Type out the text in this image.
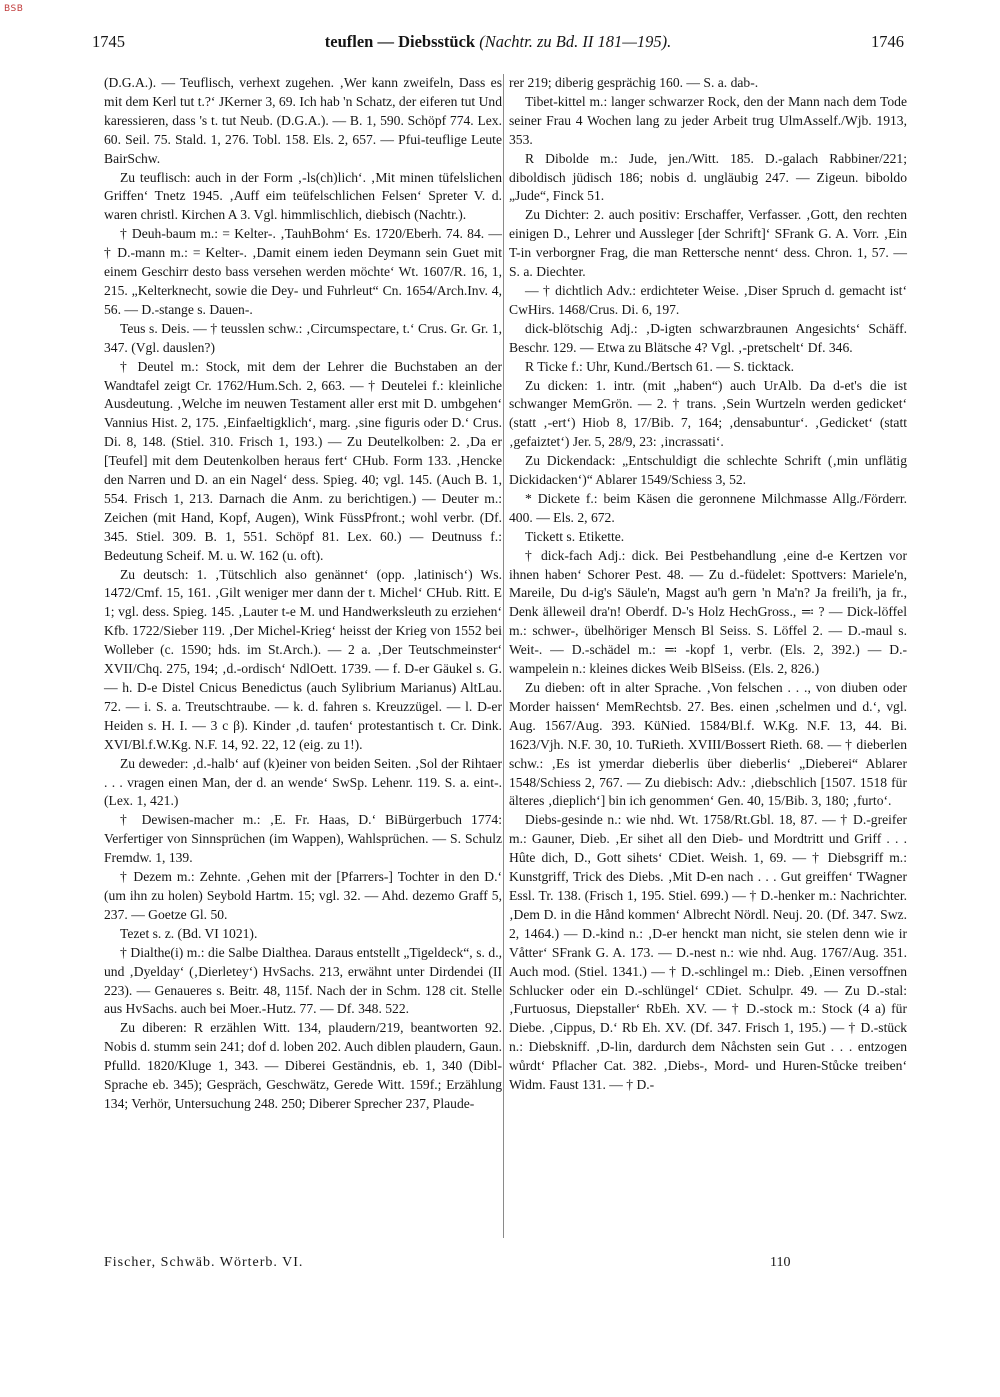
BSB
1745	teuflen — Diebsstück (Nachtr. zu Bd. II 181—195).	1746

(D.G.A.). — Teuflisch, verhext zugehen. ‚Wer kann zweifeln, Dass es mit dem Kerl tut t.?‘ JKerner 3, 69. Ich hab 'n Schatz, der eiferen tut Und karessieren, dass 's t. tut Neub. (D.G.A.). — B. 1, 590. Schöpf 774. Lex. 60. Seil. 75. Stald. 1, 276. Tobl. 158. Els. 2, 657. — Pfui-teuflige Leute BairSchw.

Zu teuflisch: auch in der Form ‚-ls(ch)lich‘. ‚Mit minen tüfelslichen Griffen‘ Tnetz 1945. ‚Auff eim teüfelschlichen Felsen‘ Spreter V. d. waren christl. Kirchen A 3. Vgl. himmlischlich, diebisch (Nachtr.).

† Deuh-baum m.: = Kelter-. ‚TauhBohm‘ Es. 1720/Eberh. 74. 84. — † D.-mann m.: = Kelter-. ‚Damit einem ieden Deymann sein Guet mit einem Geschirr desto bass versehen werden möchte‘ Wt. 1607/R. 16, 1, 215. „Kelterknecht, sowie die Dey- und Fuhrleut“ Cn. 1654/Arch.Inv. 4, 56. — D.-stange s. Dauen-.

Teus s. Deis. — † teusslen schw.: ‚Circumspectare, t.‘ Crus. Gr. Gr. 1, 347. (Vgl. dauslen?)

† Deutel m.: Stock, mit dem der Lehrer die Buchstaben an der Wandtafel zeigt Cr. 1762/Hum.Sch. 2, 663. — † Deutelei f.: kleinliche Ausdeutung. ‚Welche im neuwen Testament aller erst mit D. umbgehen‘ Vannius Hist. 2, 175. ‚Einfaeltigklich‘, marg. ‚sine figuris oder D.‘ Crus. Di. 8, 148. (Stiel. 310. Frisch 1, 193.) — Zu Deutelkolben: 2. ‚Da er [Teufel] mit dem Deutenkolben heraus fert‘ CHub. Form 133. ‚Hencke den Narren und D. an ein Nagel‘ dess. Spieg. 40; vgl. 145. (Auch B. 1, 554. Frisch 1, 213. Darnach die Anm. zu berichtigen.) — Deuter m.: Zeichen (mit Hand, Kopf, Augen), Wink FüssPfront.; wohl verbr. (Df. 345. Stiel. 309. B. 1, 551. Schöpf 81. Lex. 60.) — Deutnuss f.: Bedeutung Scheif. M. u. W. 162 (u. oft).

Zu deutsch: 1. ‚Tütschlich also genännet‘ (opp. ‚latinisch‘) Ws. 1472/Cmf. 15, 161. ‚Gilt weniger mer dann der t. Michel‘ CHub. Ritt. E 1; vgl. dess. Spieg. 145. ‚Lauter t-e M. und Handwerksleuth zu erziehen‘ Kfb. 1722/Sieber 119. ‚Der Michel-Krieg‘ heisst der Krieg von 1552 bei Wolleber (c. 1590; hds. im St.Arch.). — 2 a. ‚Der Teutschmeinster‘ XVII/Chq. 275, 194; ‚d.-ordisch‘ NdlOett. 1739. — f. D-er Gäukel s. G. — h. D-e Distel Cnicus Benedictus (auch Sylibrium Marianus) AltLau. 72. — i. S. a. Treutschtraube. — k. d. fahren s. Kreuzzügel. — l. D-er Heiden s. H. I. — 3 c β). Kinder ‚d. taufen‘ protestantisch t. Cr. Dink. XVI/Bl.f.W.Kg. N.F. 14, 92. 22, 12 (eig. zu 1!).

Zu deweder: ‚d.-halb‘ auf (k)einer von beiden Seiten. ‚Sol der Rihtaer . . . vragen einen Man, der d. an wende‘ SwSp. Lehenr. 119. S. a. eint-. (Lex. 1, 421.)

† Dewisen-macher m.: ‚E. Fr. Haas, D.‘ BiBürgerbuch 1774: Verfertiger von Sinnsprüchen (im Wappen), Wahlsprüchen. — S. Schulz Fremdw. 1, 139.

† Dezem m.: Zehnte. ‚Gehen mit der [Pfarrers-] Tochter in den D.‘ (um ihn zu holen) Seybold Hartm. 15; vgl. 32. — Ahd. dezemo Graff 5, 237. — Goetze Gl. 50.

Tezet s. z. (Bd. VI 1021).

† Dialthe(i) m.: die Salbe Dialthea. Daraus entstellt „Tigeldeck“, s. d., und ‚Dyelday‘ (‚Dierletey‘) HvSachs. 213, erwähnt unter Dirdendei (II 223). — Genaueres s. Beitr. 48, 115f. Nach der in Schm. 128 cit. Stelle aus HvSachs. auch bei Moer.-Hutz. 77. — Df. 348. 522.

Zu diberen: R erzählen Witt. 134, plaudern/219, beantworten 92. Nobis d. stumm sein 241; dof d. loben 202. Auch diblen plaudern, Gaun. Pfulld. 1820/Kluge 1, 343. — Diberei Geständnis, eb. 1, 340 (Dibl- Sprache eb. 345); Gespräch, Geschwätz, Gerede Witt. 159f.; Erzählung 134; Verhör, Untersuchung 248. 250; Diberer Sprecher 237, Plaude-

rer 219; diberig gesprächig 160. — S. a. dab-.

Tibet-kittel m.: langer schwarzer Rock, den der Mann nach dem Tode seiner Frau 4 Wochen lang zu jeder Arbeit trug UlmAsself./Wjb. 1913, 353.

R Dibolde m.: Jude, jen./Witt. 185. D.-galach Rabbiner/221; diboldisch jüdisch 186; nobis d. ungläubig 247. — Zigeun. biboldo „Jude“, Finck 51.

Zu Dichter: 2. auch positiv: Erschaffer, Verfasser. ‚Gott, den rechten einigen D., Lehrer und Aussleger [der Schrift]‘ SFrank G. A. Vorr. ‚Ein T-in verborgner Frag, die man Rettersche nennt‘ dess. Chron. 1, 57. — S. a. Diechter.

— † dichtlich Adv.: erdichteter Weise. ‚Diser Spruch d. gemacht ist‘ CwHirs. 1468/Crus. Di. 6, 197.

dick-blötschig Adj.: ‚D-igten schwarzbraunen Angesichts‘ Schäff. Beschr. 129. — Etwa zu Blätsche 4? Vgl. ‚-pretschelt‘ Df. 346.

R Ticke f.: Uhr, Kund./Bertsch 61. — S. ticktack.

Zu dicken: 1. intr. (mit „haben“) auch UrAlb. Da d-et's die ist schwanger MemGrön. — 2. † trans. ‚Sein Wurtzeln werden gedicket‘ (statt ‚-ert‘) Hiob 8, 17/Bib. 7, 164; ‚densabuntur‘. ‚Gedicket‘ (statt ‚gefaiztet‘) Jer. 5, 28/9, 23: ‚incrassati‘.

Zu Dickendack: „Entschuldigt die schlechte Schrift (‚min unflätig Dickidacken‘)“ Ablarer 1549/Schiess 3, 52.

* Dickete f.: beim Käsen die geronnene Milchmasse Allg./Förderr. 400. — Els. 2, 672.

Tickett s. Etikette.

† dick-fach Adj.: dick. Bei Pestbehandlung ‚eine d-e Kertzen vor ihnen haben‘ Schorer Pest. 48. — Zu d.-füdelet: Spottvers: Mariele'n, Mareile, Du d-ig's Säule'n, Magst au'h gern 'n Ma'n? Ja freili'h, ja fr., Denk älleweil dra'n! Oberdf. D-'s Holz HechGross., ≕ ? — Dick-löffel m.: schwer-, übelhöriger Mensch Bl Seiss. S. Löffel 2. — D.-maul s. Weit-. — D.-schädel m.: ≕ -kopf 1, verbr. (Els. 2, 392.) — D.-wampelein n.: kleines dickes Weib BlSeiss. (Els. 2, 826.)

Zu dieben: oft in alter Sprache. ‚Von felschen . . ., von diuben oder Morder haissen‘ MemRechtsb. 27. Bes. einen ‚schelmen und d.‘, vgl. Aug. 1567/Aug. 393. KüNied. 1584/Bl.f. W.Kg. N.F. 13, 44. Bi. 1623/Vjh. N.F. 30, 10. TuRieth. XVIII/Bossert Rieth. 68. — † dieberlen schw.: ‚Es ist ymerdar dieberlis über dieberlis‘ „Dieberei“ Ablarer 1548/Schiess 2, 767. — Zu diebisch: Adv.: ‚diebschlich [1507. 1518 für älteres ‚dieplich‘] bin ich genommen‘ Gen. 40, 15/Bib. 3, 180; ‚furto‘.

Diebs-gesinde n.: wie nhd. Wt. 1758/Rt.Gbl. 18, 87. — † D.-greifer m.: Gauner, Dieb. ‚Er sihet all den Dieb- und Mordtritt und Griff . . . Hûte dich, D., Gott sihets‘ CDiet. Weish. 1, 69. — † Diebsgriff m.: Kunstgriff, Trick des Diebs. ‚Mit D-en nach . . . Gut greiffen‘ TWagner Essl. Tr. 138. (Frisch 1, 195. Stiel. 699.) — † D.-henker m.: Nachrichter. ‚Dem D. in die Hånd kommen‘ Albrecht Nördl. Neuj. 20. (Df. 347. Swz. 2, 1464.) — D.-kind n.: ‚D-er henckt man nicht, sie stelen denn wie ir Våtter‘ SFrank G. A. 173. — D.-nest n.: wie nhd. Aug. 1767/Aug. 351. Auch mod. (Stiel. 1341.) — † D.-schlingel m.: Dieb. ‚Einen versoffnen Schlucker oder ein D.-schlüngel‘ CDiet. Schulpr. 49. — Zu D.-stal: ‚Furtuosus, Diepstaller‘ RbEh. XV. — † D.-stock m.: Stock (4 a) für Diebe. ‚Cippus, D.‘ Rb Eh. XV. (Df. 347. Frisch 1, 195.) — † D.-stück n.: Diebskniff. ‚D-lin, dardurch dem Nåchsten sein Gut . . . entzogen wůrdt‘ Pflacher Cat. 382. ‚Diebs-, Mord- und Huren-Stůcke treiben‘ Widm. Faust 131. — † D.-

Fischer, Schwäb. Wörterb. VI.	110
